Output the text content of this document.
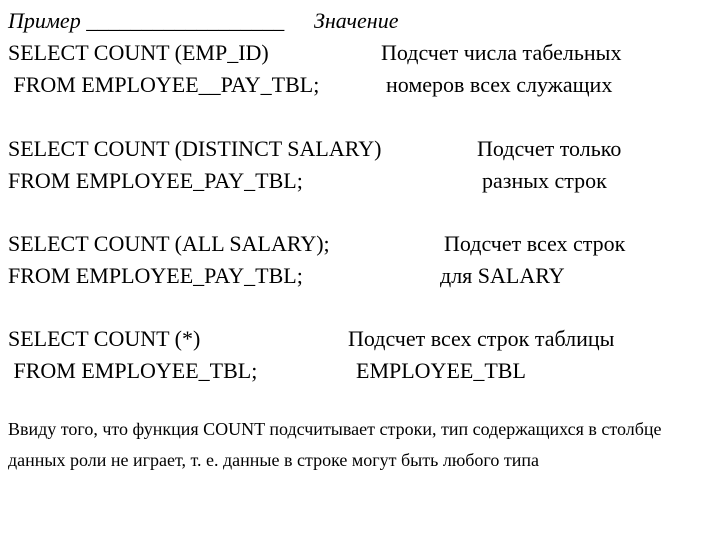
Пример __________________ Значение

SELECT COUNT (EMP_ID)

FROM EMPLOYEE__PAY_TBL;

Подсчет числа табельных

номеров всех служащих

SELECT COUNT (DISTINCT SALARY)

FROM EMPLOYEE_PAY_TBL;

Подсчет только

разных строк

SELECT COUNT (ALL SALARY);

FROM EMPLOYEE_PAY_TBL;

Подсчет всех строк

для SALARY

SELECT COUNT (*)

FROM EMPLOYEE_TBL;

Подсчет всех строк таблицы

EMPLOYEE_TBL

Ввиду того, что функция COUNT подсчитывает строки, тип содержащихся в столбце данных роли не играет, т. е. данные в строке могут быть любого типа
